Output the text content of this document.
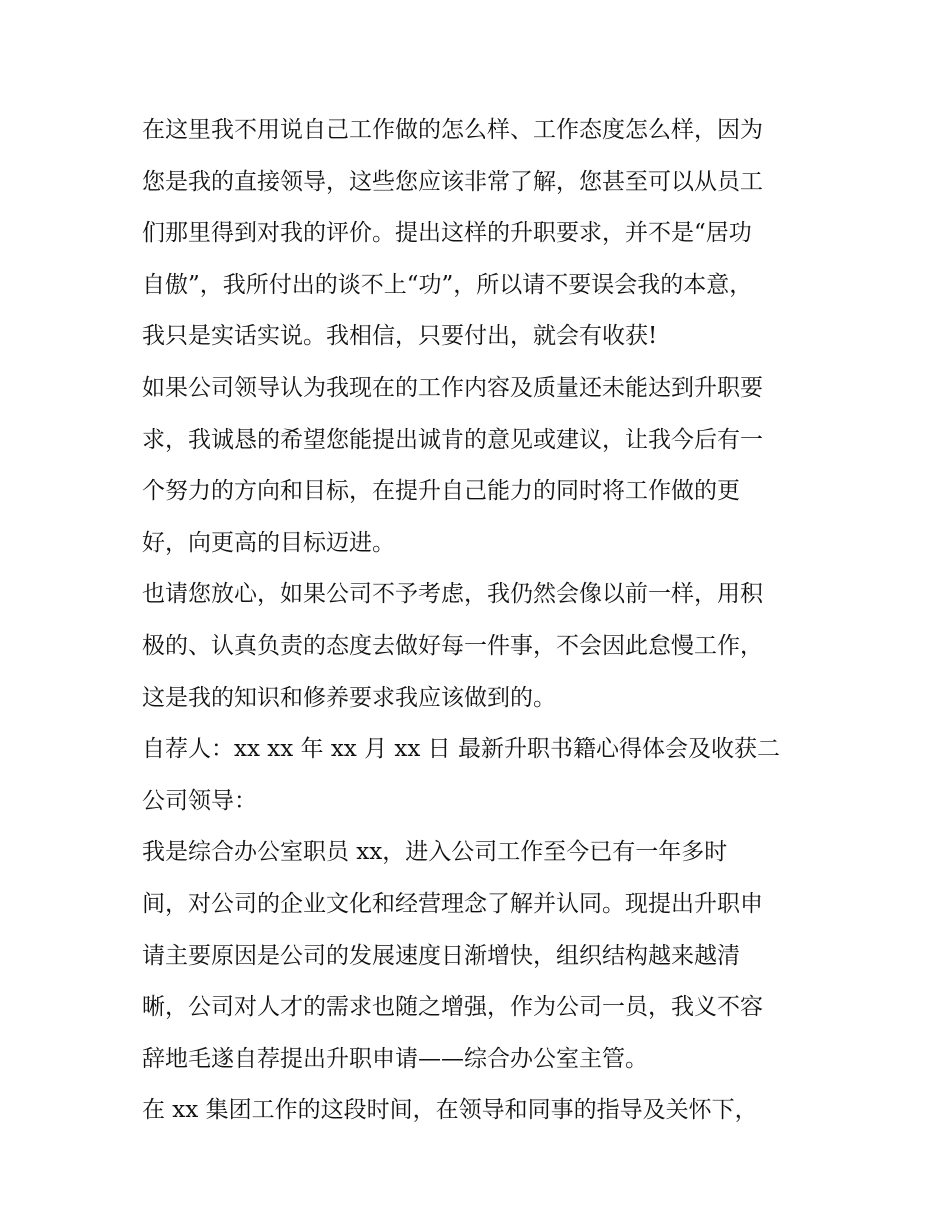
在这里我不用说自己工作做的怎么样、工作态度怎么样，因为
您是我的直接领导，这些您应该非常了解，您甚至可以从员工
们那里得到对我的评价。提出这样的升职要求，并不是“居功
自傲”，我所付出的谈不上“功”，所以请不要误会我的本意，
我只是实话实说。我相信，只要付出，就会有收获!
如果公司领导认为我现在的工作内容及质量还未能达到升职要
求，我诚恳的希望您能提出诚肯的意见或建议，让我今后有一
个努力的方向和目标，在提升自己能力的同时将工作做的更
好，向更高的目标迈进。
也请您放心，如果公司不予考虑，我仍然会像以前一样，用积
极的、认真负责的态度去做好每一件事，不会因此怠慢工作，
这是我的知识和修养要求我应该做到的。
自荐人：xx xx 年 xx 月 xx 日 最新升职书籍心得体会及收获二
公司领导：
我是综合办公室职员 xx，进入公司工作至今已有一年多时
间，对公司的企业文化和经营理念了解并认同。现提出升职申
请主要原因是公司的发展速度日渐增快，组织结构越来越清
晰，公司对人才的需求也随之增强，作为公司一员，我义不容
辞地毛遂自荐提出升职申请——综合办公室主管。
在 xx 集团工作的这段时间，在领导和同事的指导及关怀下，
